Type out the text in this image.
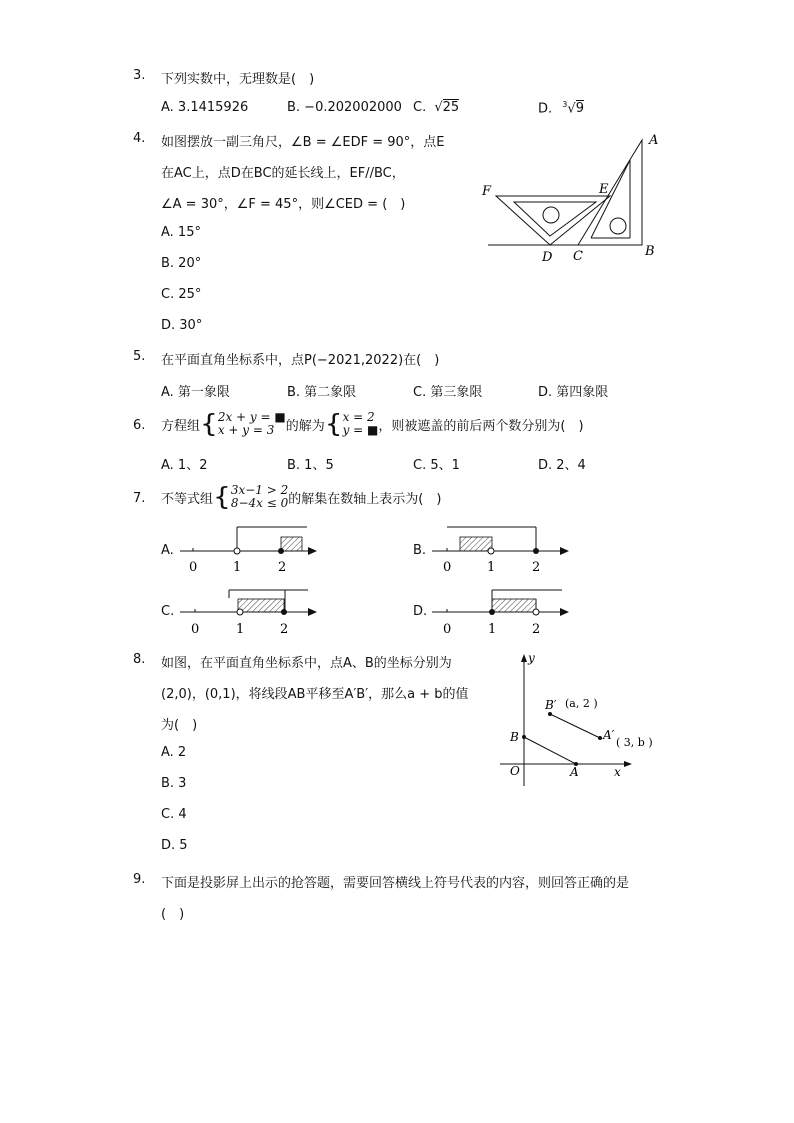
3. 下列实数中，无理数是(　)
A. 3.1415926	B. −0.202002000 C. √25	D. $^3$√9
4. 如图摆放一副三角尺，∠B = ∠EDF = 90°，点E
在AC上，点D在BC的延长线上，EF//BC，
∠A = 30°，∠F = 45°，则∠CED = (　)
A. 15°
B. 20°
C. 25°
D. 30°
A
E
F
D C	B
5. 在平面直角坐标系中，点P(−2021,2022)在(　)
A. 第一象限	B. 第二象限	C. 第三象限	D. 第四象限
6. 方程组 { 2x + y = ■
x + y = 3 的解为 { x = 2
y = ■ ，则被遮盖的前后两个数分别为(　)
A. 1、2	B. 1、5	C. 5、1	D. 2、4
7. 不等式组 { 3x−1 > 2
8−4x ≤ 0 的解集在数轴上表示为(　)
A.
0	1	2
B.
0	1	2
C.
0	1	2
D.
0	1	2
8. 如图，在平面直角坐标系中，点A、B的坐标分别为
(2,0)，(0,1)，将线段AB平移至A′B′，那么a + b的值
为(　)
A. 2
B. 3
C. 4
D. 5
y
x
O	A
B
B′ (a, 2 )
A′
( 3, b )
9. 下面是投影屏上出示的抢答题，需要回答横线上符号代表的内容，则回答正确的是
(　)
